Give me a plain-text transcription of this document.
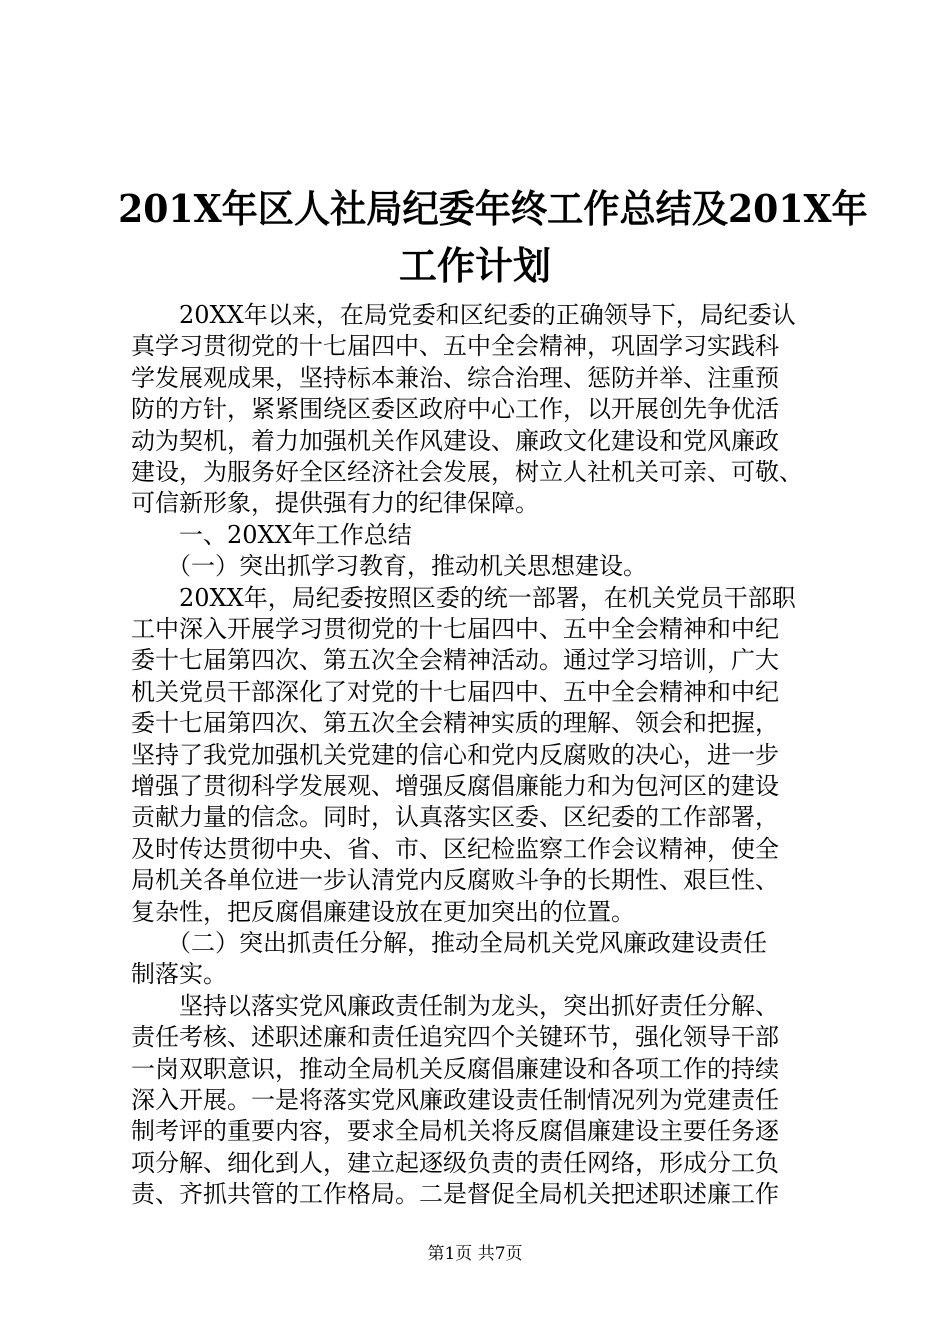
201X年区人社局纪委年终工作总结及201X年
工作计划
　　20XX年以来，在局党委和区纪委的正确领导下，局纪委认
真学习贯彻党的十七届四中、五中全会精神，巩固学习实践科
学发展观成果，坚持标本兼治、综合治理、惩防并举、注重预
防的方针，紧紧围绕区委区政府中心工作，以开展创先争优活
动为契机，着力加强机关作风建设、廉政文化建设和党风廉政
建设，为服务好全区经济社会发展，树立人社机关可亲、可敬、
可信新形象，提供强有力的纪律保障。
　　一、20XX年工作总结
　　（一）突出抓学习教育，推动机关思想建设。
　　20XX年，局纪委按照区委的统一部署，在机关党员干部职
工中深入开展学习贯彻党的十七届四中、五中全会精神和中纪
委十七届第四次、第五次全会精神活动。通过学习培训，广大
机关党员干部深化了对党的十七届四中、五中全会精神和中纪
委十七届第四次、第五次全会精神实质的理解、领会和把握，
坚持了我党加强机关党建的信心和党内反腐败的决心，进一步
增强了贯彻科学发展观、增强反腐倡廉能力和为包河区的建设
贡献力量的信念。同时，认真落实区委、区纪委的工作部署，
及时传达贯彻中央、省、市、区纪检监察工作会议精神，使全
局机关各单位进一步认清党内反腐败斗争的长期性、艰巨性、
复杂性，把反腐倡廉建设放在更加突出的位置。
　　（二）突出抓责任分解，推动全局机关党风廉政建设责任
制落实。
　　坚持以落实党风廉政责任制为龙头，突出抓好责任分解、
责任考核、述职述廉和责任追究四个关键环节，强化领导干部
一岗双职意识，推动全局机关反腐倡廉建设和各项工作的持续
深入开展。一是将落实党风廉政建设责任制情况列为党建责任
制考评的重要内容，要求全局机关将反腐倡廉建设主要任务逐
项分解、细化到人，建立起逐级负责的责任网络，形成分工负
责、齐抓共管的工作格局。二是督促全局机关把述职述廉工作
第1页 共7页
